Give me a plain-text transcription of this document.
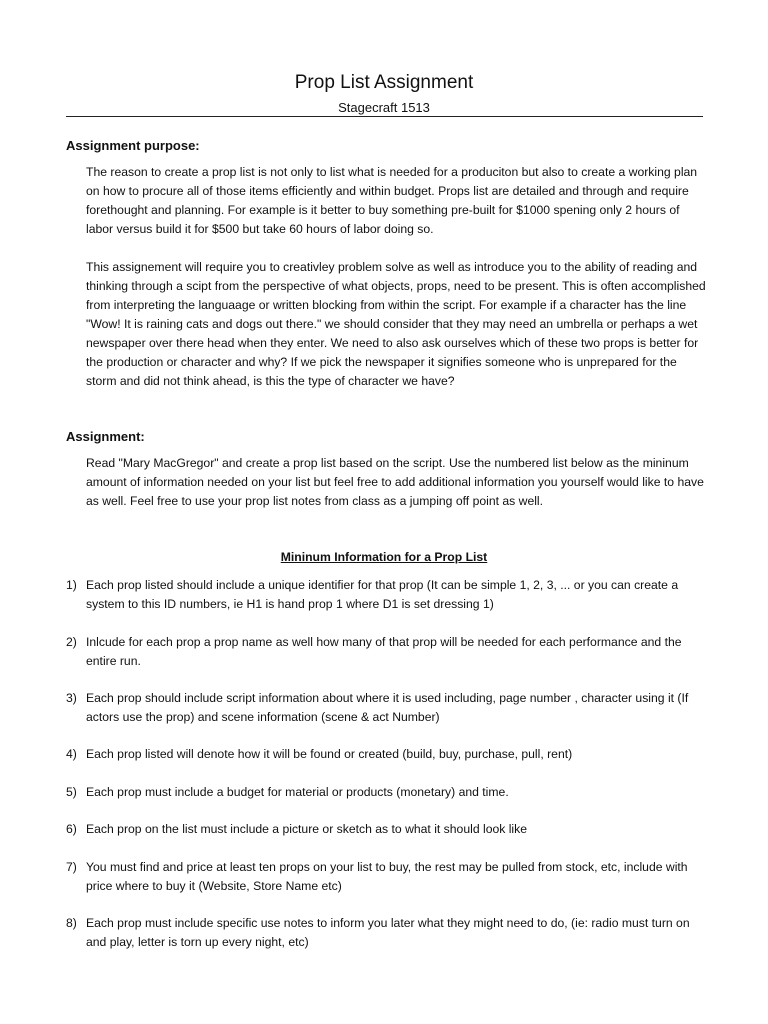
Prop List Assignment
Stagecraft 1513
Assignment purpose:

The reason to create a prop list is not only to list what is needed for a produciton but also to create a working plan on how to procure all of those items efficiently and within budget. Props list are detailed and through and require forethought and planning. For example is it better to buy something pre-built for $1000 spening only 2 hours of labor versus build it for $500 but take 60 hours of labor doing so.

This assignement will require you to creativley problem solve as well as introduce you to the ability of reading and thinking through a scipt from the perspective of what objects, props, need to be present. This is often accomplished from interpreting the languaage or written blocking from within the script. For example if a character has the line "Wow! It is raining cats and dogs out there." we should consider that they may need an umbrella or perhaps a wet newspaper over there head when they enter. We need to also ask ourselves which of these two props is better for the production or character and why? If we pick the newspaper it signifies someone who is unprepared for the storm and did not think ahead, is this the type of character we have?

Assignment:

Read "Mary MacGregor" and create a prop list based on the script. Use the numbered list below as the mininum amount of information needed on your list but feel free to add additional information you yourself would like to have as well. Feel free to use your prop list notes from class as a jumping off point as well.

Mininum Information for a Prop List
1) Each prop listed should include a unique identifier for that prop (It can be simple 1, 2, 3, ... or you can create a system to this ID numbers, ie H1 is hand prop 1 where D1 is set dressing 1)
2) Inlcude for each prop a prop name as well how many of that prop will be needed for each performance and the entire run.
3) Each prop should include script information about where it is used including, page number , character using it (If actors use the prop) and scene information (scene & act Number)
4) Each prop listed will denote how it will be found or created (build, buy, purchase, pull, rent)
5) Each prop must include a budget for material or products (monetary) and time.
6) Each prop on the list must include a picture or sketch as to what it should look like
7) You must find and price at least ten props on your list to buy, the rest may be pulled from stock, etc, include with price where to buy it (Website, Store Name etc)
8) Each prop must include specific use notes to inform you later what they might need to do, (ie: radio must turn on and play, letter is torn up every night, etc)
